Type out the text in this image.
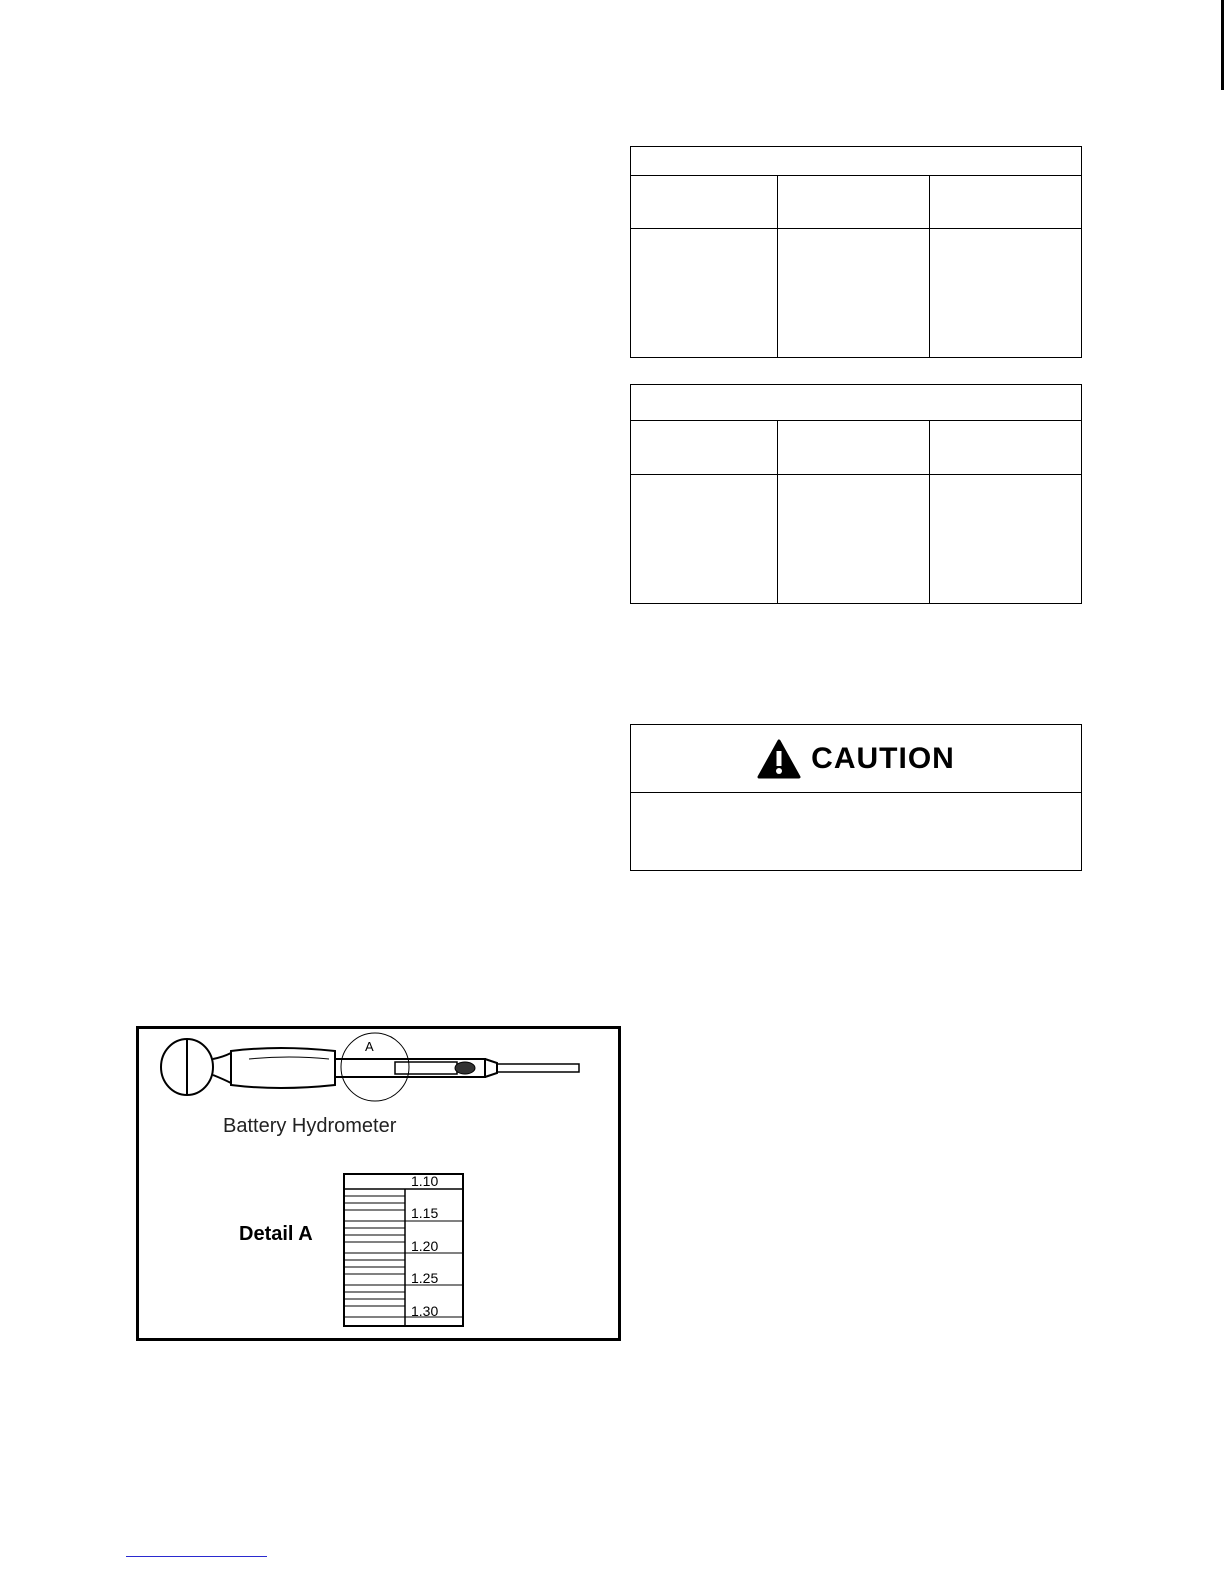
CAUTION
A
Battery Hydrometer
Detail A
1.10
1.15
1.20
1.25
1.30
